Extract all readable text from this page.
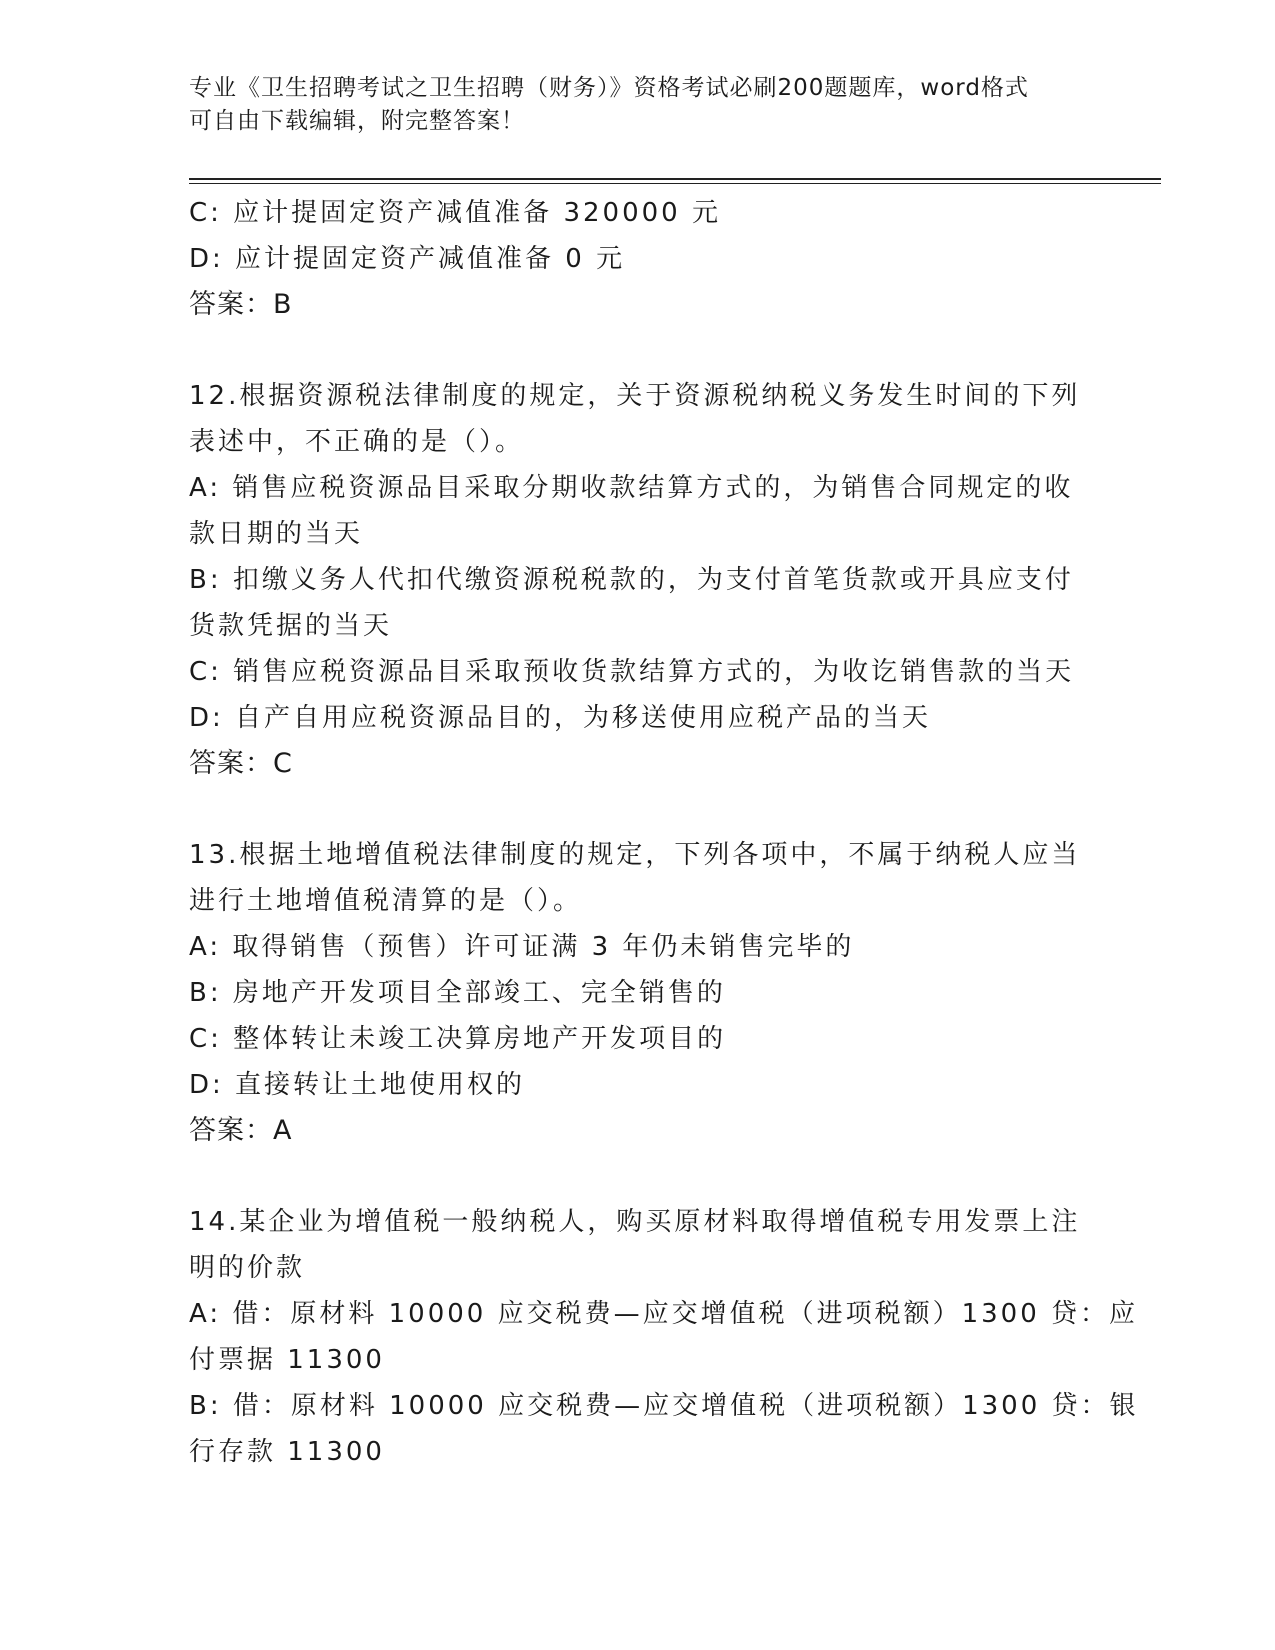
专业《卫生招聘考试之卫生招聘（财务）》资格考试必刷200题题库，word格式
可自由下载编辑，附完整答案！
C: 应计提固定资产减值准备 320000 元
D: 应计提固定资产减值准备 0 元
答案：B
12.根据资源税法律制度的规定，关于资源税纳税义务发生时间的下列
表述中，不正确的是（）。
A: 销售应税资源品目采取分期收款结算方式的，为销售合同规定的收
款日期的当天
B: 扣缴义务人代扣代缴资源税税款的，为支付首笔货款或开具应支付
货款凭据的当天
C: 销售应税资源品目采取预收货款结算方式的，为收讫销售款的当天
D: 自产自用应税资源品目的，为移送使用应税产品的当天
答案：C
13.根据土地增值税法律制度的规定，下列各项中，不属于纳税人应当
进行土地增值税清算的是（）。
A: 取得销售（预售）许可证满 3 年仍未销售完毕的
B: 房地产开发项目全部竣工、完全销售的
C: 整体转让未竣工决算房地产开发项目的
D: 直接转让土地使用权的
答案：A
14.某企业为增值税一般纳税人，购买原材料取得增值税专用发票上注
明的价款
A: 借：原材料 10000 应交税费—应交增值税（进项税额）1300 贷：应
付票据 11300
B: 借：原材料 10000 应交税费—应交增值税（进项税额）1300 贷：银
行存款 11300
